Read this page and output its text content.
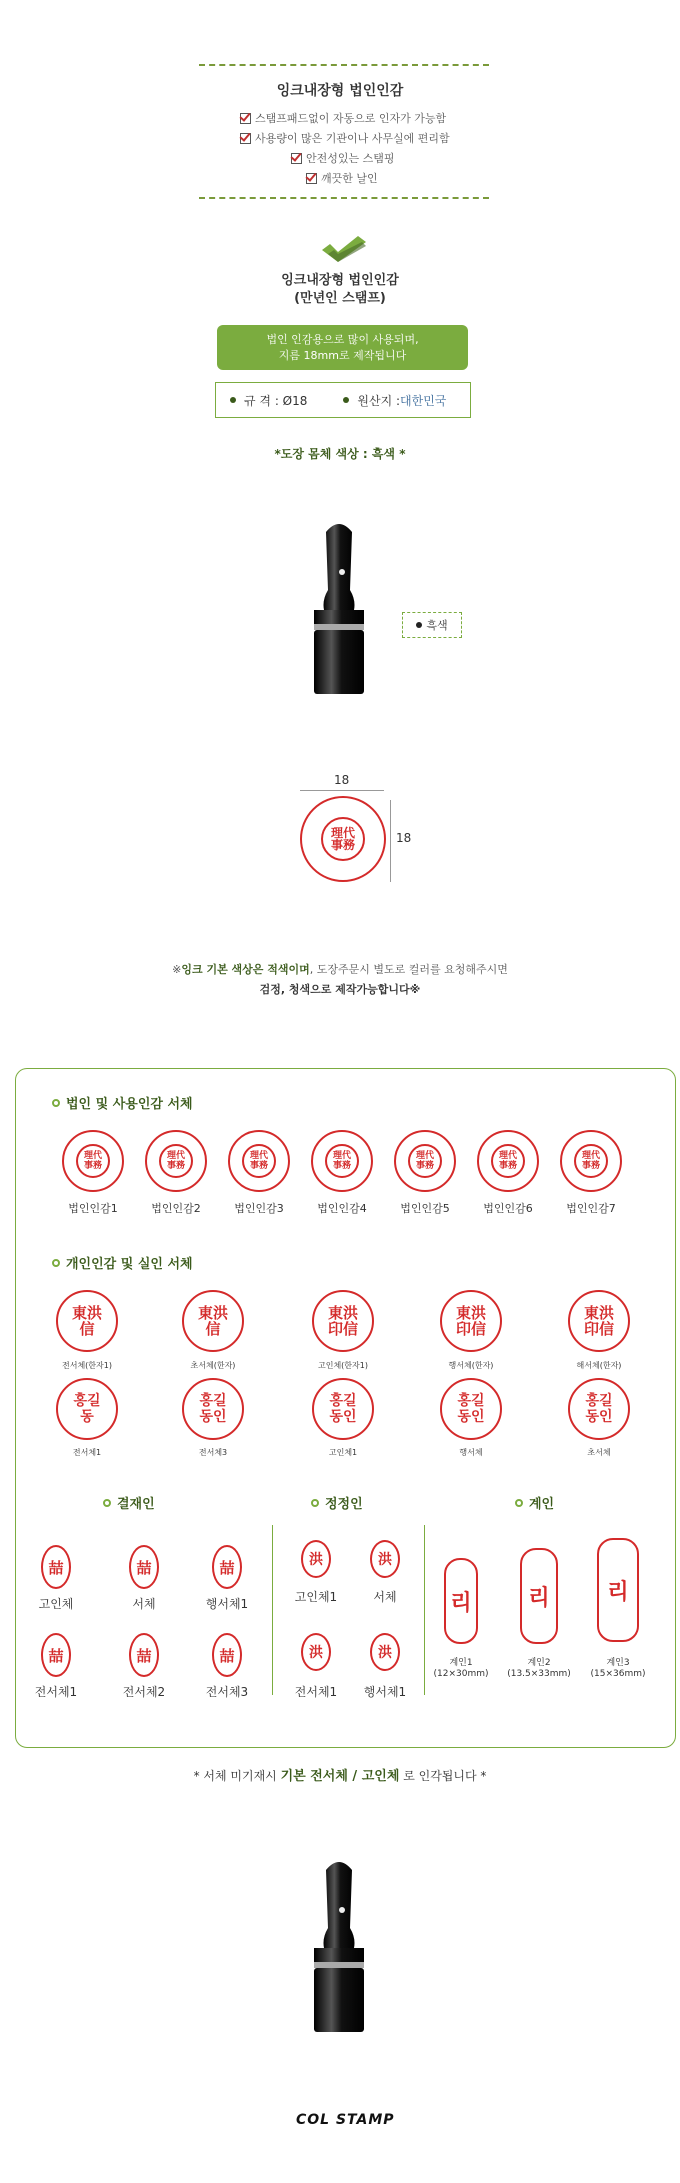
잉크내장형 법인인감
스탬프패드없이 자동으로 인자가 가능함
사용량이 많은 기관이나 사무실에 편리함
안전성있는 스탬핑
깨끗한 날인
잉크내장형 법인인감
(만년인 스탬프)
법인 인감용으로 많이 사용되며,
지름 18mm로 제작됩니다
규 격 : Ø18	원산지 : 대한민국
*도장 몸체 색상 : 흑색 *
흑색
18
18
理代事務
※잉크 기본 색상은 적색이며, 도장주문시 별도로 컬러를 요청해주시면
검정, 청색으로 제작가능합니다※
법인 및 사용인감 서체
理代事務
법인인감1
理代事務
법인인감2
理代事務
법인인감3
理代事務
법인인감4
理代事務
법인인감5
理代事務
법인인감6
理代事務
법인인감7
개인인감 및 실인 서체
東洪信
전서체(한자1)
東洪信
초서체(한자)
東洪印信
고인체(한자1)
東洪印信
행서체(한자)
東洪印信
해서체(한자)
홍길동
전서체1
홍길동인
전서체3
홍길동인
고인체1
홍길동인
행서체
홍길동인
초서체
결재인	정정인	계인
喆
고인체
喆
서체
喆
행서체1
喆
전서체1
喆
전서체2
喆
전서체3
洪
고인체1
洪
서체
洪
전서체1
洪
행서체1
리
계인1
(12×30mm)
리
계인2
(13.5×33mm)
리
계인3
(15×36mm)
* 서체 미기재시 기본 전서체 / 고인체 로 인각됩니다 *
COL STAMP
